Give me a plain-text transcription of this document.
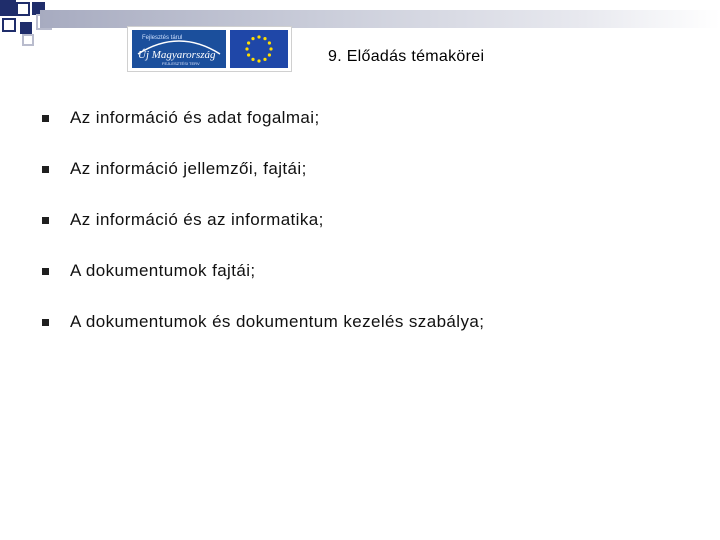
Fejlesztés tárul
Új Magyarország
FEJLESZTÉSI TERV	9. Előadás témakörei
Az információ és adat fogalmai;
Az információ jellemzői, fajtái;
Az információ és az informatika;
A dokumentumok fajtái;
A dokumentumok és dokumentum kezelés szabálya;
